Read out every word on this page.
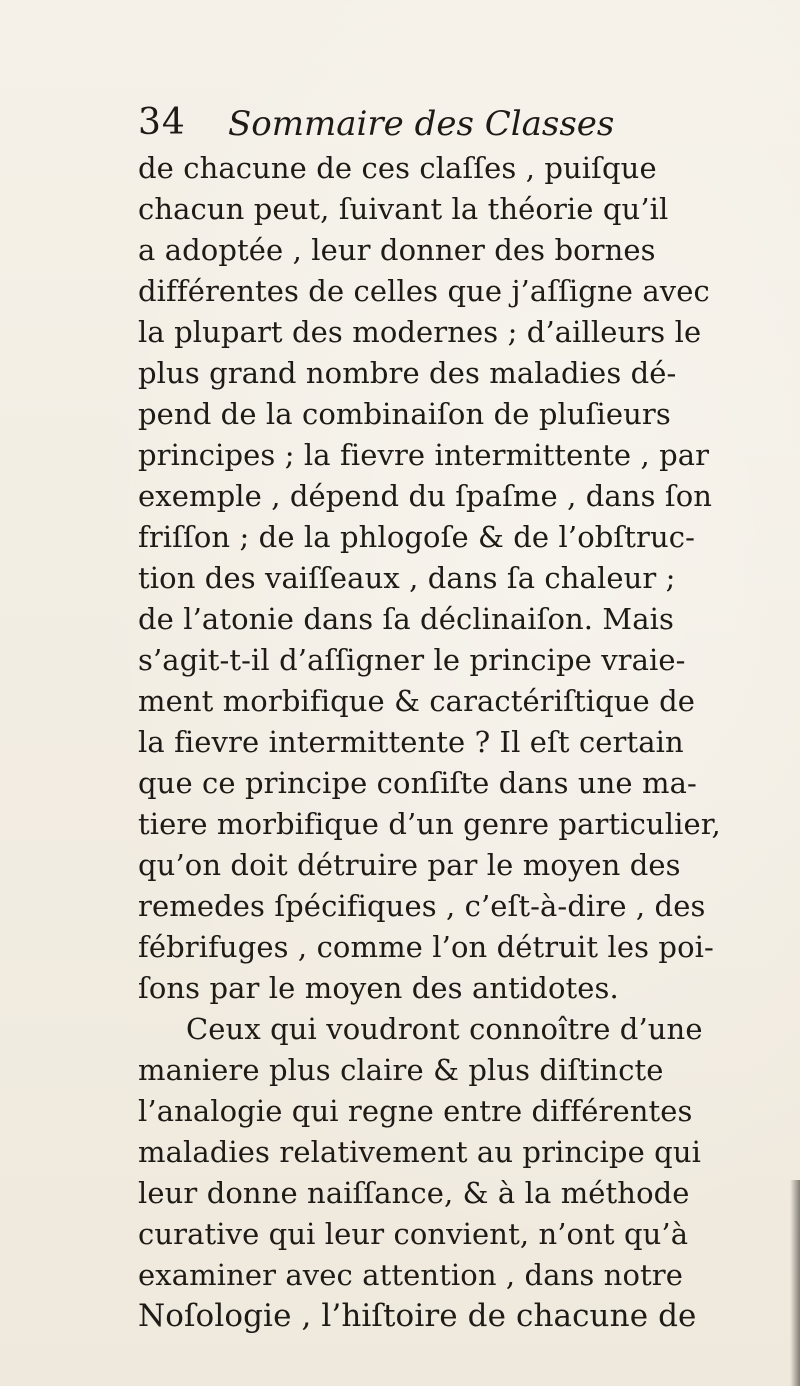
34 Sommaire des Classes
de chacune de ces claſſes , puiſque
chacun peut, ſuivant la théorie qu’il
a adoptée , leur donner des bornes
différentes de celles que j’aſſigne avec
la plupart des modernes ; d’ailleurs le
plus grand nombre des maladies dé-
pend de la combinaiſon de pluſieurs
principes ; la fievre intermittente , par
exemple , dépend du ſpaſme , dans ſon
friſſon ; de la phlogoſe & de l’obſtruc-
tion des vaiſſeaux , dans ſa chaleur ;
de l’atonie dans ſa déclinaiſon. Mais
s’agit-t-il d’aſſigner le principe vraie-
ment morbifique & caractériſtique de
la fievre intermittente ? Il eſt certain
que ce principe conſiſte dans une ma-
tiere morbifique d’un genre particulier,
qu’on doit détruire par le moyen des
remedes ſpécifiques , c’eſt-à-dire , des
fébrifuges , comme l’on détruit les poi-
ſons par le moyen des antidotes.
Ceux qui voudront connoître d’une
maniere plus claire & plus diſtincte
l’analogie qui regne entre différentes
maladies relativement au principe qui
leur donne naiſſance, & à la méthode
curative qui leur convient, n’ont qu’à
examiner avec attention , dans notre
Noſologie , l’hiſtoire de chacune de
